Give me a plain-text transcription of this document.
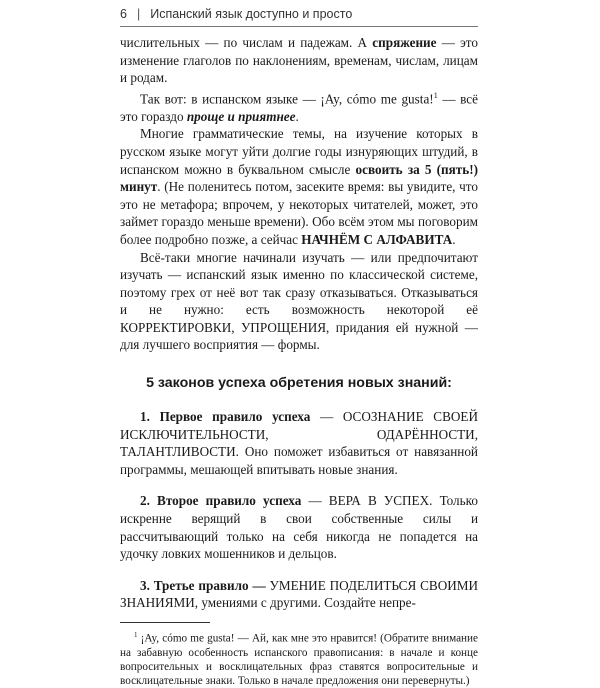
6 | Испанский язык доступно и просто

числительных — по числам и падежам. А спряжение — это изменение глаголов по наклонениям, временам, числам, лицам и родам.

Так вот: в испанском языке — ¡Ay, cómo me gusta!$^1$ — всё это гораздо проще и приятнее.

Многие грамматические темы, на изучение которых в русском языке могут уйти долгие годы изнуряющих штудий, в испанском можно в буквальном смысле освоить за 5 (пять!) минут. (Не поленитесь потом, засеките время: вы увидите, что это не метафора; впрочем, у некоторых читателей, может, это займет гораздо меньше времени). Обо всём этом мы поговорим более подробно позже, а сейчас НАЧНЁМ С АЛФАВИТА.

Всё-таки многие начинали изучать — или предпочитают изучать — испанский язык именно по классической системе, поэтому грех от неё вот так сразу отказываться. Отказываться и не нужно: есть возможность некоторой её КОРРЕКТИРОВКИ, УПРОЩЕНИЯ, придания ей нужной — для лучшего восприятия — формы.

5 законов успеха обретения новых знаний:

1. Первое правило успеха — ОСОЗНАНИЕ СВОЕЙ ИСКЛЮЧИТЕЛЬНОСТИ, ОДАРЁННОСТИ, ТАЛАНТЛИВОСТИ. Оно поможет избавиться от навязанной программы, мешающей впитывать новые знания.

2. Второе правило успеха — ВЕРА В УСПЕХ. Только искренне верящий в свои собственные силы и рассчитывающий только на себя никогда не попадется на удочку ловких мошенников и дельцов.

3. Третье правило — УМЕНИЕ ПОДЕЛИТЬСЯ СВОИМИ ЗНАНИЯМИ, умениями с другими. Создайте непре-

$^1$ ¡Ay, cómo me gusta! — Ай, как мне это нравится! (Обратите внимание на забавную особенность испанского правописания: в начале и конце вопросительных и восклицательных фраз ставятся вопросительные и восклицательные знаки. Только в начале предложения они перевернуты.)
